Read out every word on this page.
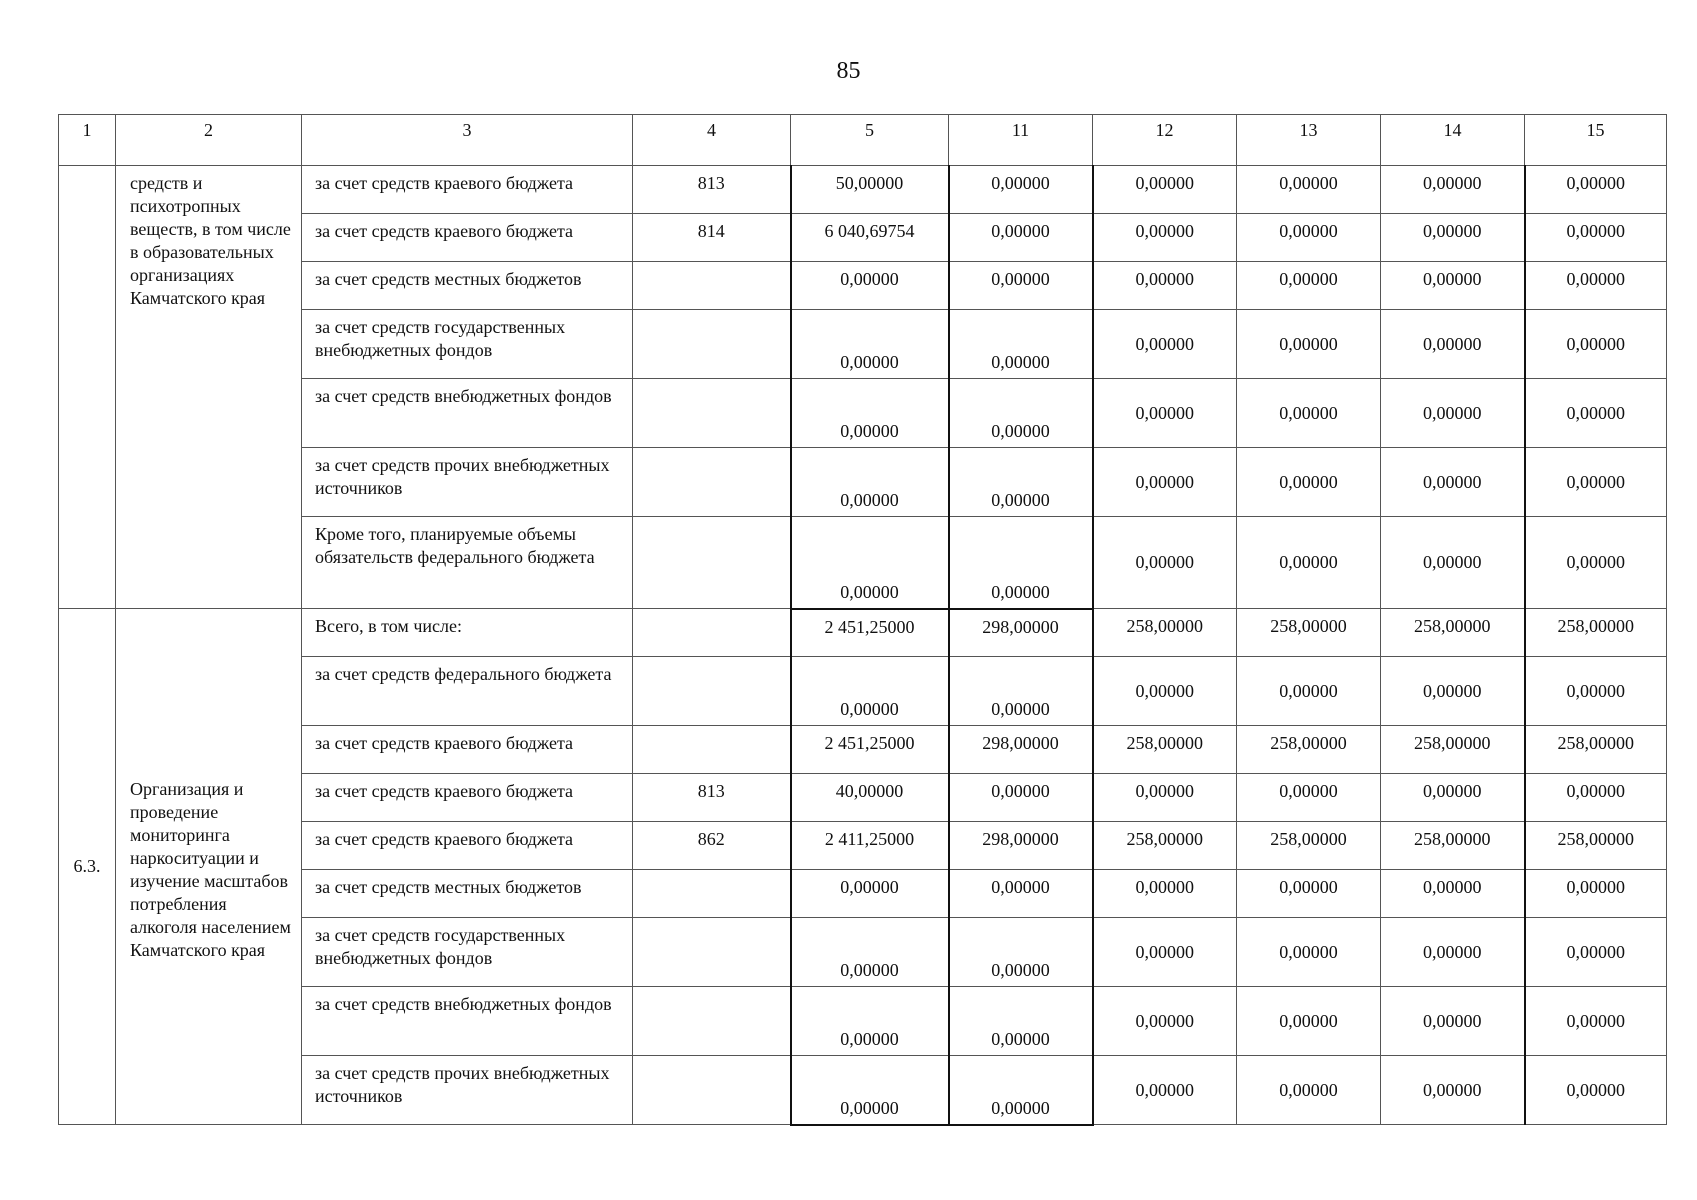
85
1	2	3	4	5	11	12	13	14	15
	средств и психотропных веществ, в том числе в образовательных организациях Камчатского края	за счет средств краевого бюджета	813	50,00000	0,00000	0,00000	0,00000	0,00000	0,00000
		за счет средств краевого бюджета	814	6 040,69754	0,00000	0,00000	0,00000	0,00000	0,00000
		за счет средств местных бюджетов		0,00000	0,00000	0,00000	0,00000	0,00000	0,00000
		за счет средств государственных внебюджетных фондов		0,00000	0,00000	0,00000	0,00000	0,00000	0,00000
		за счет средств внебюджетных фондов		0,00000	0,00000	0,00000	0,00000	0,00000	0,00000
		за счет средств прочих внебюджетных источников		0,00000	0,00000	0,00000	0,00000	0,00000	0,00000
		Кроме того, планируемые объемы обязательств федерального бюджета		0,00000	0,00000	0,00000	0,00000	0,00000	0,00000
6.3.	Организация и проведение мониторинга наркоситуации и изучение масштабов потребления алкоголя населением Камчатского края	Всего, в том числе:		2 451,25000	298,00000	258,00000	258,00000	258,00000	258,00000
		за счет средств федерального бюджета		0,00000	0,00000	0,00000	0,00000	0,00000	0,00000
		за счет средств краевого бюджета		2 451,25000	298,00000	258,00000	258,00000	258,00000	258,00000
		за счет средств краевого бюджета	813	40,00000	0,00000	0,00000	0,00000	0,00000	0,00000
		за счет средств краевого бюджета	862	2 411,25000	298,00000	258,00000	258,00000	258,00000	258,00000
		за счет средств местных бюджетов		0,00000	0,00000	0,00000	0,00000	0,00000	0,00000
		за счет средств государственных внебюджетных фондов		0,00000	0,00000	0,00000	0,00000	0,00000	0,00000
		за счет средств внебюджетных фондов		0,00000	0,00000	0,00000	0,00000	0,00000	0,00000
		за счет средств прочих внебюджетных источников		0,00000	0,00000	0,00000	0,00000	0,00000	0,00000
